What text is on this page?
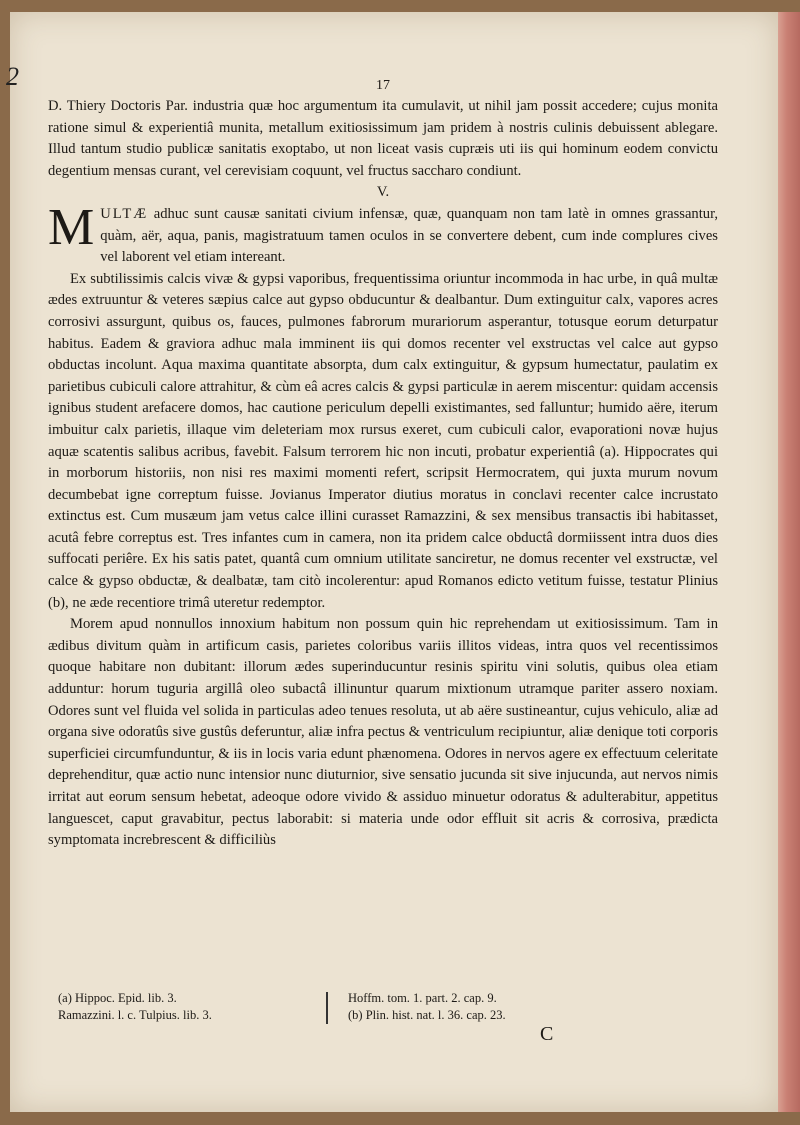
2	17

D. Thiery Doctoris Par. industria quæ hoc argumentum ita cumulavit, ut nihil jam possit accedere; cujus monita ratione simul & experientiâ munita, metallum exitiosissimum jam pridem à nostris culinis debuissent ablegare. Illud tantum studio publicæ sanitatis exoptabo, ut non liceat vasis cupræis uti iis qui hominum eodem convictu degentium mensas curant, vel cerevisiam coquunt, vel fructus saccharo condiunt.

V.

MULTÆ adhuc sunt causæ sanitati civium infensæ, quæ, quanquam non tam latè in omnes grassantur, quàm, aër, aqua, panis, magistratuum tamen oculos in se convertere debent, cum inde complures cives vel laborent vel etiam intereant.

Ex subtilissimis calcis vivæ & gypsi vaporibus, frequentissima oriuntur incommoda in hac urbe, in quâ multæ ædes extruuntur & veteres sæpius calce aut gypso obducuntur & dealbantur. Dum extinguitur calx, vapores acres corrosivi assurgunt, quibus os, fauces, pulmones fabrorum murariorum asperantur, totusque eorum deturpatur habitus. Eadem & graviora adhuc mala imminent iis qui domos recenter vel exstructas vel calce aut gypso obductas incolunt. Aqua maxima quantitate absorpta, dum calx extinguitur, & gypsum humectatur, paulatim ex parietibus cubiculi calore attrahitur, & cùm eâ acres calcis & gypsi particulæ in aerem miscentur: quidam accensis ignibus student arefacere domos, hac cautione periculum depelli existimantes, sed falluntur; humido aëre, iterum imbuitur calx parietis, illaque vim deleteriam mox rursus exeret, cum cubiculi calor, evaporationi novæ hujus aquæ scatentis salibus acribus, favebit. Falsum terrorem hic non incuti, probatur experientiâ (a). Hippocrates qui in morborum historiis, non nisi res maximi momenti refert, scripsit Hermocratem, qui juxta murum novum decumbebat igne correptum fuisse. Jovianus Imperator diutius moratus in conclavi recenter calce incrustato extinctus est. Cum musæum jam vetus calce illini curasset Ramazzini, & sex mensibus transactis ibi habitasset, acutâ febre correptus est. Tres infantes cum in camera, non ita pridem calce obductâ dormiissent intra duos dies suffocati periêre. Ex his satis patet, quantâ cum omnium utilitate sanciretur, ne domus recenter vel exstructæ, vel calce & gypso obductæ, & dealbatæ, tam citò incolerentur: apud Romanos edicto vetitum fuisse, testatur Plinius (b), ne æde recentiore trimâ uteretur redemptor.

Morem apud nonnullos innoxium habitum non possum quin hic reprehendam ut exitiosissimum. Tam in ædibus divitum quàm in artificum casis, parietes coloribus variis illitos videas, intra quos vel recentissimos quoque habitare non dubitant: illorum ædes superinducuntur resinis spiritu vini solutis, quibus olea etiam adduntur: horum tuguria argillâ oleo subactâ illinuntur quarum mixtionum utramque pariter assero noxiam. Odores sunt vel fluida vel solida in particulas adeo tenues resoluta, ut ab aëre sustineantur, cujus vehiculo, aliæ ad organa sive odoratûs sive gustûs deferuntur, aliæ infra pectus & ventriculum recipiuntur, aliæ denique toti corporis superficiei circumfunduntur, & iis in locis varia edunt phænomena. Odores in nervos agere ex effectuum celeritate deprehenditur, quæ actio nunc intensior nunc diuturnior, sive sensatio jucunda sit sive injucunda, aut nervos nimis irritat aut eorum sensum hebetat, adeoque odore vivido & assiduo minuetur odoratus & adulterabitur, appetitus languescet, caput gravabitur, pectus laborabit: si materia unde odor effluit sit acris & corrosiva, prædicta symptomata increbrescent & difficiliùs

(a) Hippoc. Epid. lib. 3.
Ramazzini. l. c. Tulpius. lib. 3.
Hoffm. tom. 1. part. 2. cap. 9.
(b) Plin. hist. nat. l. 36. cap. 23.
C
